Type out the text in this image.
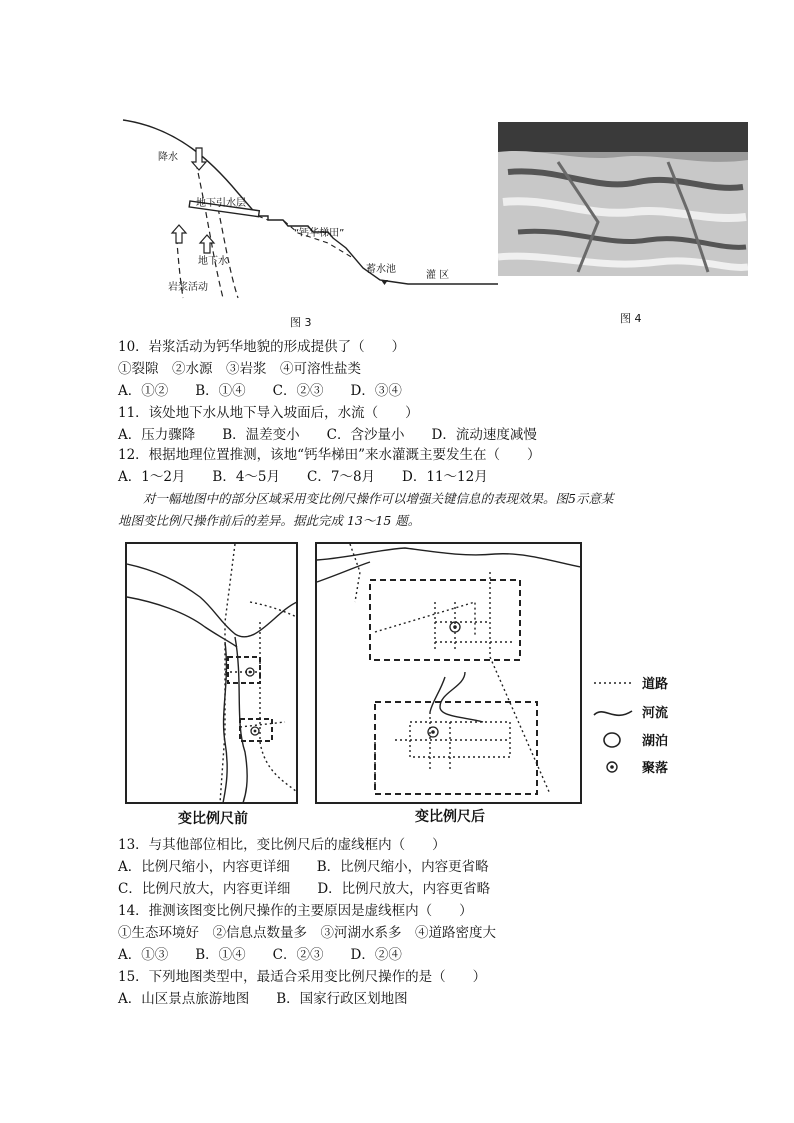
降水
地下引水层
“钙华梯田”
地下水
蓄水池
灌 区
岩浆活动
图 3	图 4
10．岩浆活动为钙华地貌的形成提供了（　　）
①裂隙　②水源　③岩浆　④可溶性盐类
A．①②　　B．①④　　C．②③　　D．③④
11．该处地下水从地下导入坡面后，水流（　　）
A．压力骤降　　B．温差变小　　C．含沙量小　　D．流动速度减慢
12．根据地理位置推测，该地“钙华梯田”来水灌溉主要发生在（　　）
A．1～2月　　B．4～5月　　C．7～8月　　D．11～12月
　　对一幅地图中的部分区域采用变比例尺操作可以增强关键信息的表现效果。图5示意某
地图变比例尺操作前后的差异。据此完成 13～15 题。
道路
河流
湖泊
聚落
变比例尺前	变比例尺后
13．与其他部位相比，变比例尺后的虚线框内（　　）
A．比例尺缩小，内容更详细　　B．比例尺缩小，内容更省略
C．比例尺放大，内容更详细　　D．比例尺放大，内容更省略
14．推测该图变比例尺操作的主要原因是虚线框内（　　）
①生态环境好　②信息点数量多　③河湖水系多　④道路密度大
A．①③　　B．①④　　C．②③　　D．②④
15．下列地图类型中，最适合采用变比例尺操作的是（　　）
A．山区景点旅游地图　　B．国家行政区划地图
